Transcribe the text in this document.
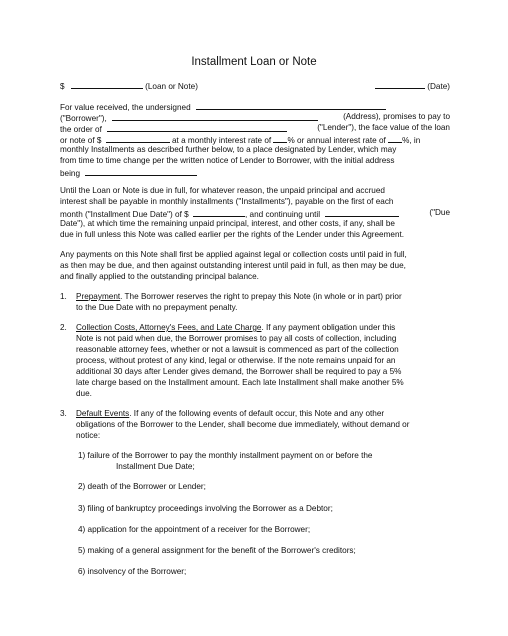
Installment Loan or Note
$	(Loan or Note)	(Date)
For value received, the undersigned
("Borrower"),	(Address), promises to pay to
the order of	("Lender"), the face value of the loan
or note of $	at a monthly interest rate of % or annual interest rate of %, in
monthly Installments as described further below, to a place designated by Lender, which may
from time to time change per the written notice of Lender to Borrower, with the initial address
being
Until the Loan or Note is due in full, for whatever reason, the unpaid principal and accrued
interest shall be payable in monthly installments ("Installments"), payable on the first of each
month ("Installment Due Date") of $	, and continuing until	("Due
Date"), at which time the remaining unpaid principal, interest, and other costs, if any, shall be
due in full unless this Note was called earlier per the rights of the Lender under this Agreement.
Any payments on this Note shall first be applied against legal or collection costs until paid in full,
as then may be due, and then against outstanding interest until paid in full, as then may be due,
and finally applied to the outstanding principal balance.
1. Prepayment. The Borrower reserves the right to prepay this Note (in whole or in part) prior
to the Due Date with no prepayment penalty.
2. Collection Costs, Attorney's Fees, and Late Charge. If any payment obligation under this
Note is not paid when due, the Borrower promises to pay all costs of collection, including
reasonable attorney fees, whether or not a lawsuit is commenced as part of the collection
process, without protest of any kind, legal or otherwise. If the note remains unpaid for an
additional 30 days after Lender gives demand, the Borrower shall be required to pay a 5%
late charge based on the Installment amount. Each late Installment shall make another 5%
due.
3. Default Events. If any of the following events of default occur, this Note and any other
obligations of the Borrower to the Lender, shall become due immediately, without demand or
notice:
1) failure of the Borrower to pay the monthly installment payment on or before the
Installment Due Date;
2) death of the Borrower or Lender;
3) filing of bankruptcy proceedings involving the Borrower as a Debtor;
4) application for the appointment of a receiver for the Borrower;
5) making of a general assignment for the benefit of the Borrower's creditors;
6) insolvency of the Borrower;
